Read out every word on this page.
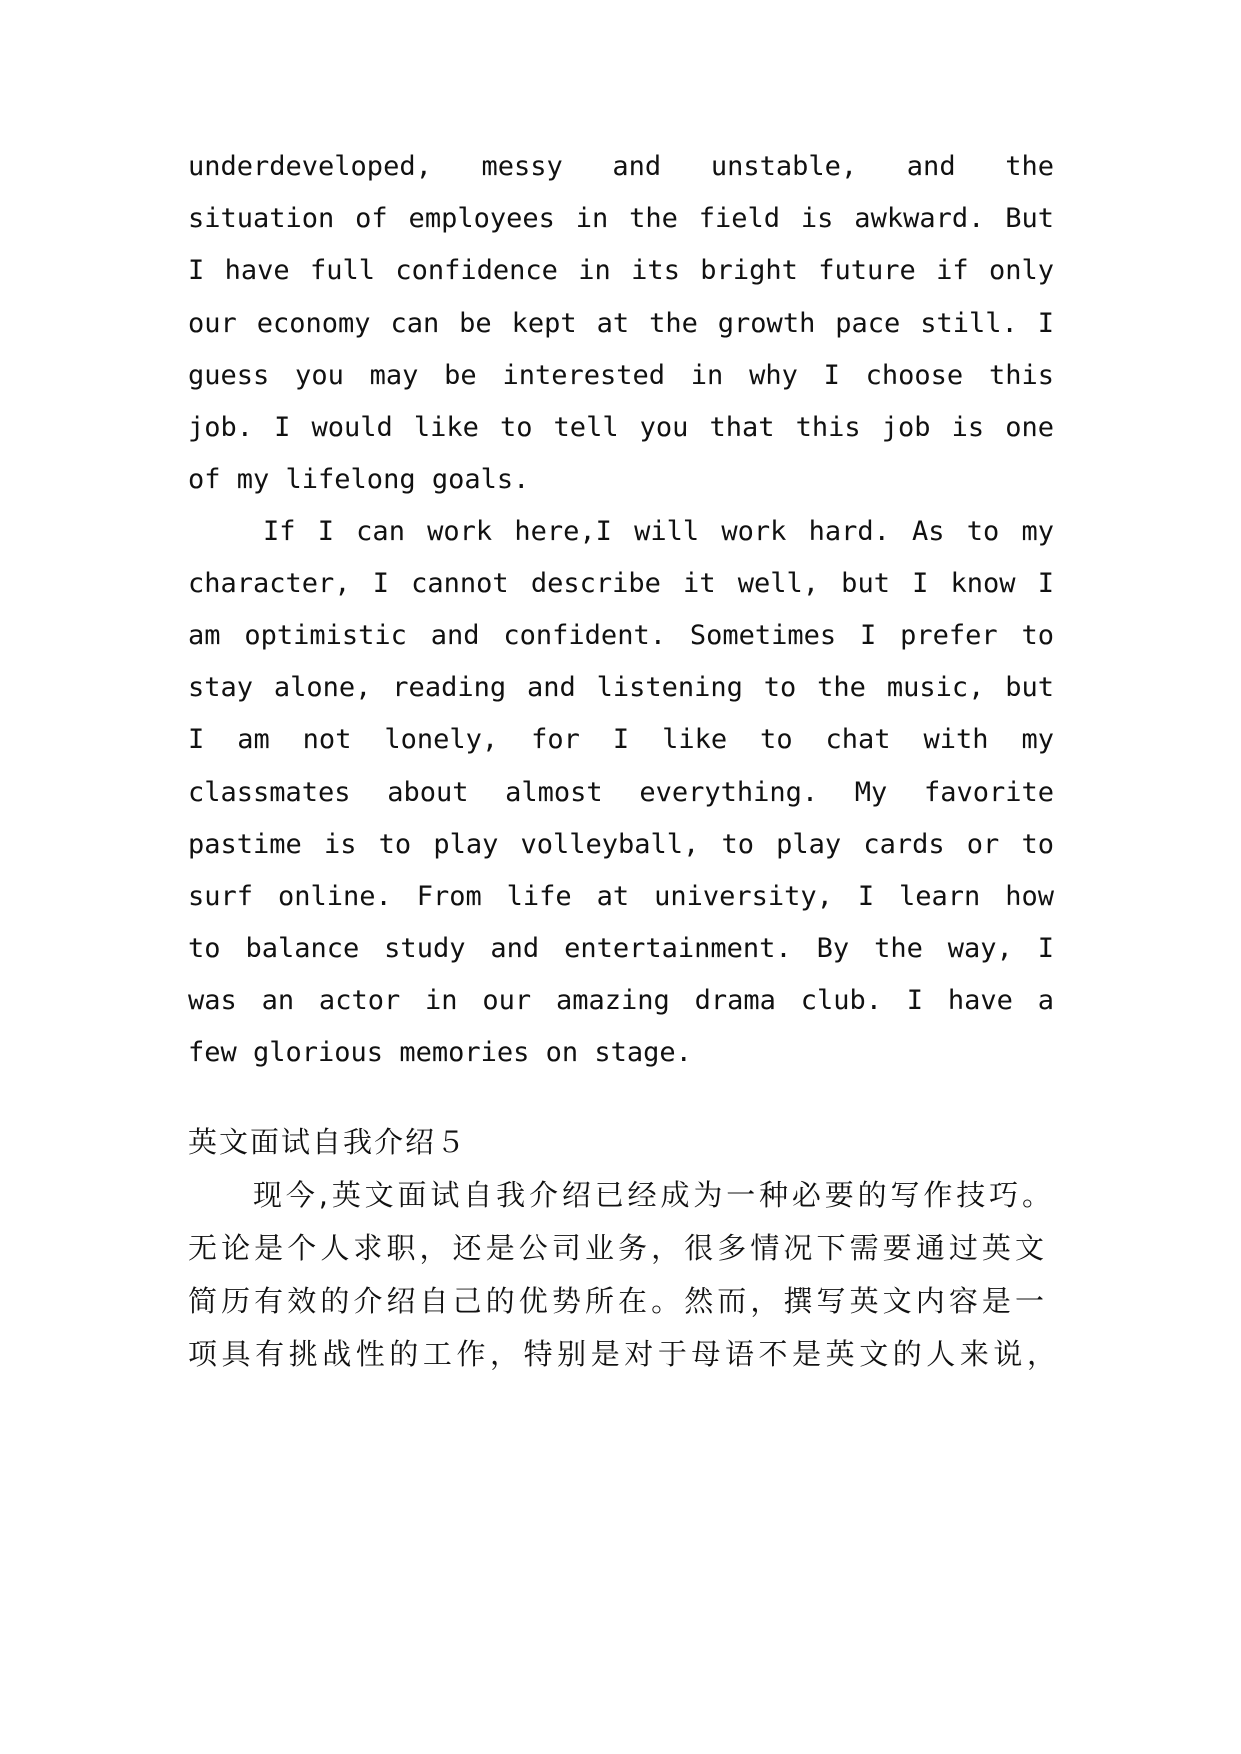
underdeveloped, messy and unstable, and the
situation of employees in the field is awkward. But
I have full confidence in its bright future if only
our economy can be kept at the growth pace still. I
guess you may be interested in why I choose this
job. I would like to tell you that this job is one
of my lifelong goals.
If I can work here,I will work hard. As to my
character, I cannot describe it well, but I know I
am optimistic and confident. Sometimes I prefer to
stay alone, reading and listening to the music, but
I am not lonely, for I like to chat with my
classmates about almost everything. My favorite
pastime is to play volleyball, to play cards or to
surf online. From life at university, I learn how
to balance study and entertainment. By the way, I
was an actor in our amazing drama club. I have a
few glorious memories on stage.
英文面试自我介绍５
现今,英文面试自我介绍已经成为一种必要的写作技巧。
无论是个人求职，还是公司业务，很多情况下需要通过英文
简历有效的介绍自己的优势所在。然而，撰写英文内容是一
项具有挑战性的工作，特别是对于母语不是英文的人来说，
